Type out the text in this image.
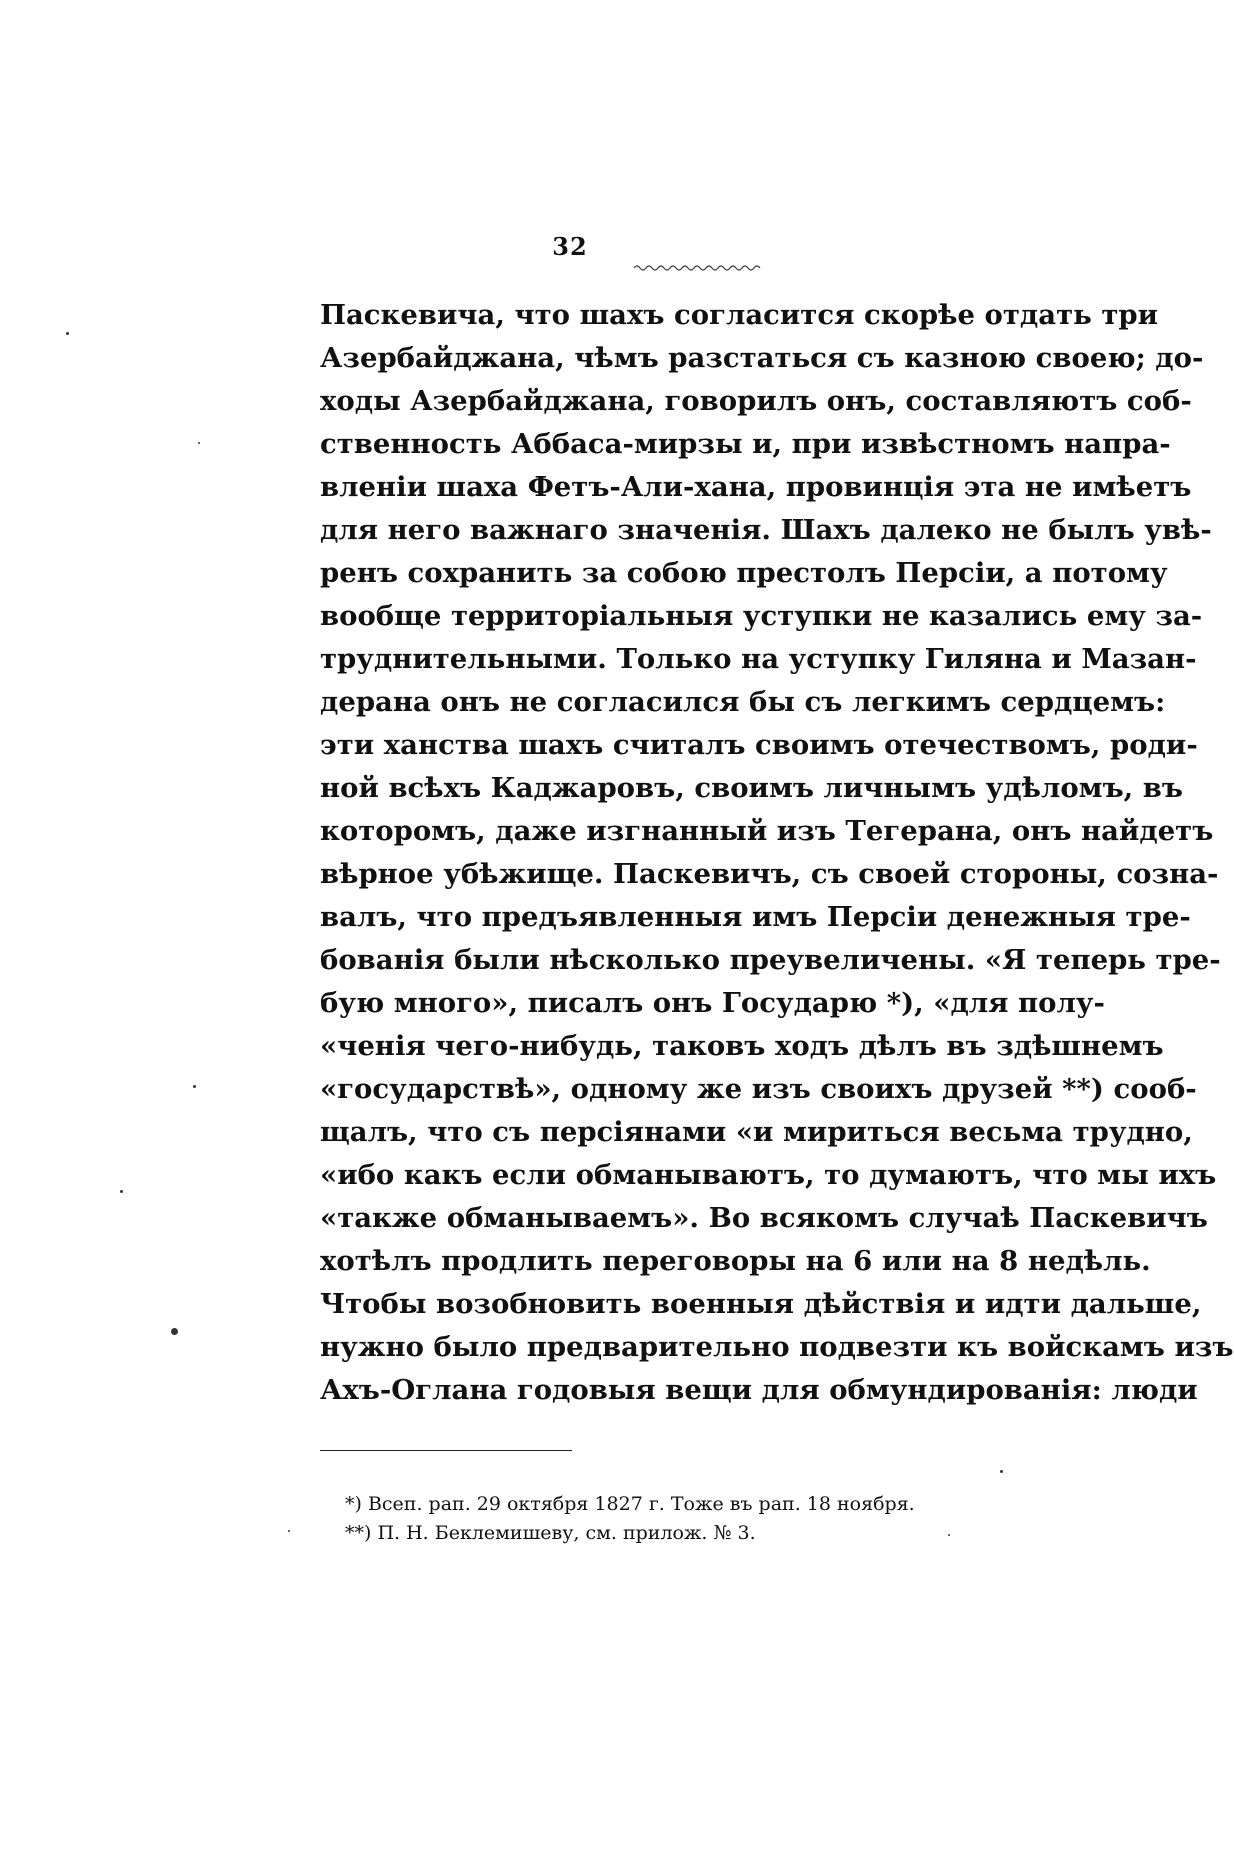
32
Паскевича, что шахъ согласится скорѣе отдать три
Азербайджана, чѣмъ разстаться съ казною своею; до-
ходы Азербайджана, говорилъ онъ, составляютъ соб-
ственность Аббаса-мирзы и, при извѣстномъ напра-
вленіи шаха Фетъ-Али-хана, провинція эта не имѣетъ
для него важнаго значенія. Шахъ далеко не былъ увѣ-
ренъ сохранить за собою престолъ Персіи, а потому
вообще территоріальныя уступки не казались ему за-
труднительными. Только на уступку Гиляна и Мазан-
дерана онъ не согласился бы съ легкимъ сердцемъ:
эти ханства шахъ считалъ своимъ отечествомъ, роди-
ной всѣхъ Каджаровъ, своимъ личнымъ удѣломъ, въ
которомъ, даже изгнанный изъ Тегерана, онъ найдетъ
вѣрное убѣжище. Паскевичъ, съ своей стороны, созна-
валъ, что предъявленныя имъ Персіи денежныя тре-
бованія были нѣсколько преувеличены. «Я теперь тре-
бую много», писалъ онъ Государю *), «для полу-
«ченія чего-нибудь, таковъ ходъ дѣлъ въ здѣшнемъ
«государствѣ», одному же изъ своихъ друзей **) сооб-
щалъ, что съ персіянами «и мириться весьма трудно,
«ибо какъ если обманываютъ, то думаютъ, что мы ихъ
«также обманываемъ». Во всякомъ случаѣ Паскевичъ
хотѣлъ продлить переговоры на 6 или на 8 недѣль.
Чтобы возобновить военныя дѣйствія и идти дальше,
нужно было предварительно подвезти къ войскамъ изъ
Ахъ-Оглана годовыя вещи для обмундированія: люди
*) Всеп. рап. 29 октября 1827 г. Тоже въ рап. 18 ноября.
**) П. Н. Беклемишеву, см. прилож. № 3.
